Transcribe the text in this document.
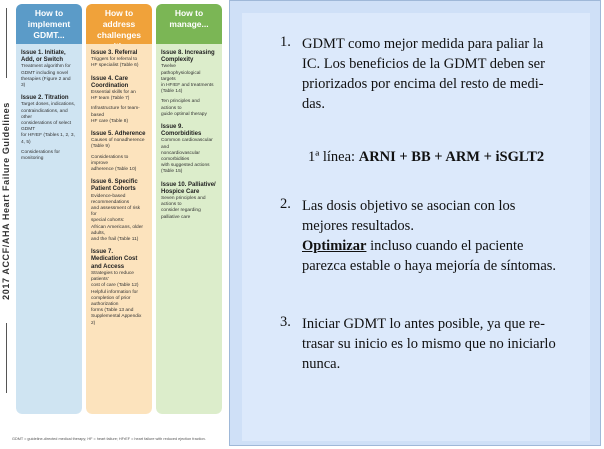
2017 ACCF/AHA Heart Failure Guidelines
How to implement GDMT...
Issue 1. Initiate, Add, or Switch
Treatment algorithm for
GDMT including novel
therapies (Figure 2 and 3)
Issue 2. Titration
Target doses, indications,
contraindications, and other
considerations of select GDMT
for HFrEF (Tables 1, 2, 3, 4, 5)
Considerations for monitoring
How to address challenges
Issue 3. Referral
Triggers for referral to
HF specialist (Table 6)
Issue 4. Care Coordination
Essential skills for an
HF team (Table 7)
Infrastructure for team-based
HF care (Table 8)
Issue 5. Adherence
Causes of nonadherence
(Table 9)
Considerations to improve
adherence (Table 10)
Issue 6. Specific Patient Cohorts
Evidence-based recommendations
and assessment of risk for
special cohorts:
African Americans, older adults,
and the frail (Table 11)
Issue 7. Medication Cost and Access
Strategies to reduce patients'
cost of care (Table 12)
Helpful information for
completion of prior authorization
forms (Table 13 and
Supplemental Appendix 2)
How to manage...
Issue 8. Increasing Complexity
Twelve pathophysiological targets
in HFrEF and treatments
(Table 14)
Ten principles and actions to
guide optimal therapy
Issue 9. Comorbidities
Common cardiovascular and
noncardiovascular comorbidities
with suggested actions (Table 15)
Issue 10. Palliative/ Hospice Care
Seven principles and actions to
consider regarding palliative care
GDMT = guideline-directed medical therapy; HF = heart failure; HFrEF = heart failure with reduced ejection fraction.
1. GDMT como mejor medida para paliar la
IC. Los beneficios de la GDMT deben ser
priorizados por encima del resto de medi-
das.
1ª línea: ARNI + BB + ARM + iSGLT2
2. Las dosis objetivo se asocian con los
mejores resultados.
Optimizar incluso cuando el paciente
parezca estable o haya mejoría de síntomas.
3. Iniciar GDMT lo antes posible, ya que re-
trasar su inicio es lo mismo que no iniciarlo
nunca.
